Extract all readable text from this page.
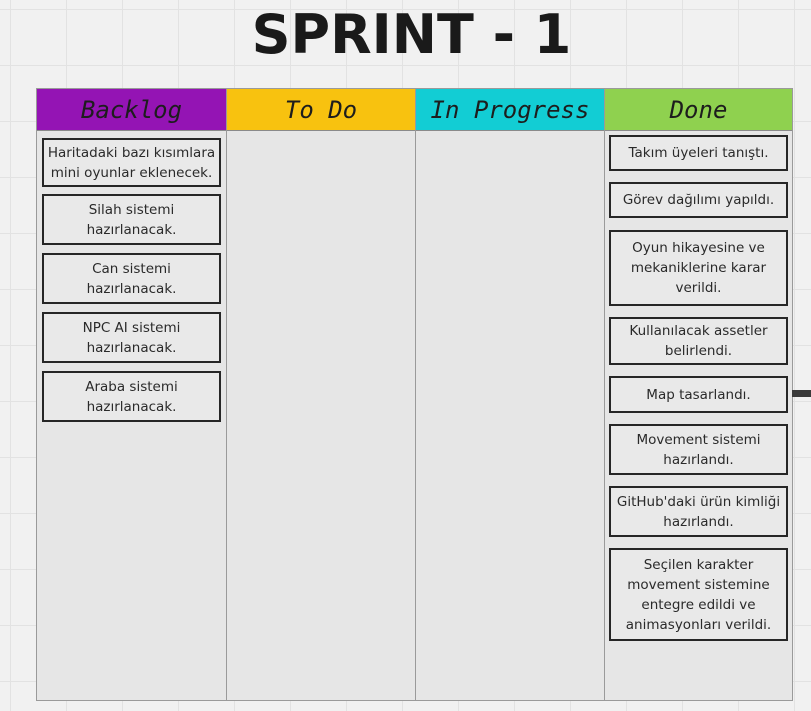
SPRINT - 1
Backlog
Haritadaki bazı kısımlara mini oyunlar eklenecek.
Silah sistemi hazırlanacak.
Can sistemi hazırlanacak.
NPC AI sistemi hazırlanacak.
Araba sistemi hazırlanacak.
To Do	In Progress	Done
Takım üyeleri tanıştı.
Görev dağılımı yapıldı.
Oyun hikayesine ve mekaniklerine karar verildi.
Kullanılacak assetler belirlendi.
Map tasarlandı.
Movement sistemi hazırlandı.
GitHub'daki ürün kimliği hazırlandı.
Seçilen karakter movement sistemine entegre edildi ve animasyonları verildi.
